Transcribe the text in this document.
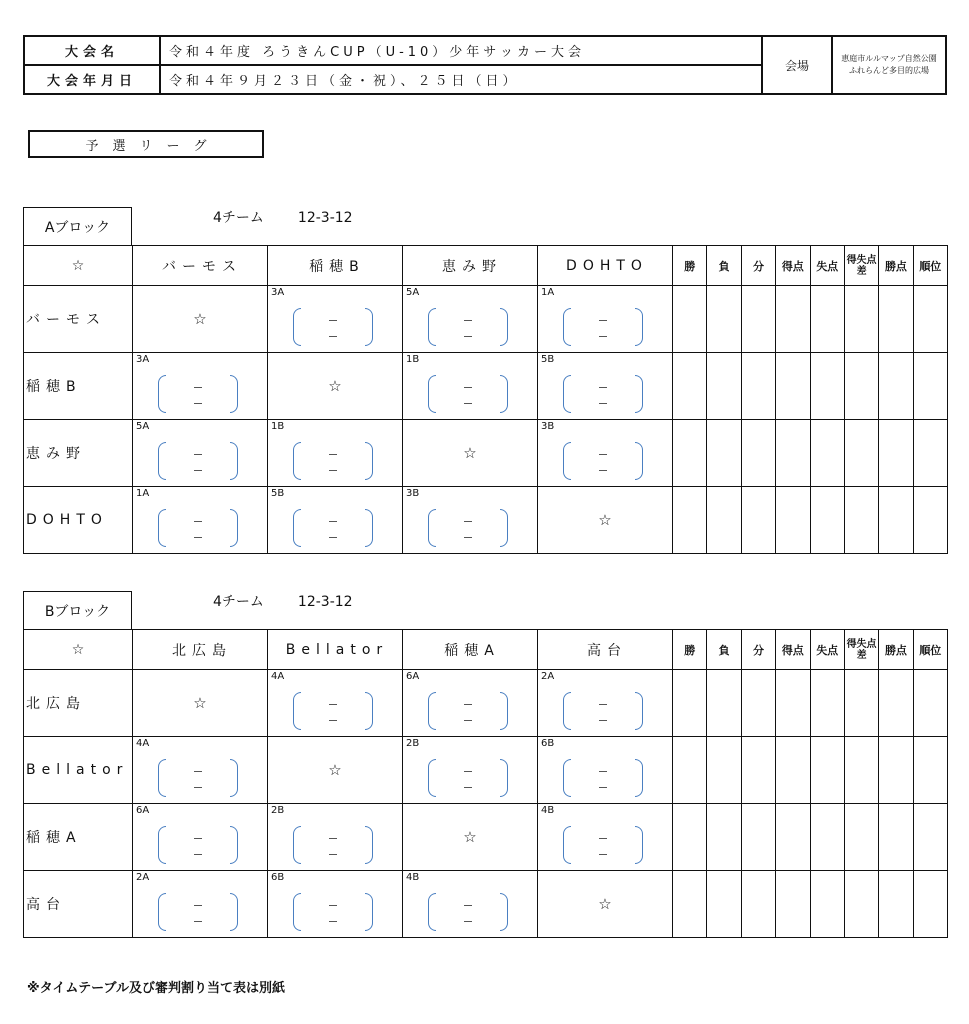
大会名	令和４年度 ろうきんCUP（U-10）少年サッカー大会	会場	恵庭市ルルマップ自然公園
ふれらんど多目的広場

大会年月日	令和４年９月２３日（金・祝）、２５日（日）		
予選リーグ
Aブロック
4チーム 12-3-12
☆	バーモス	稲穂B	恵み野	DOHTO	勝	負	分	得点	失点	得失点差	勝点	順位
バーモス	☆	3A	5A	1A								

稲穂B	3A	☆	1B	5B								

恵み野	5A	1B	☆	3B								

DOHTO	1A	5B	3B	☆								
Bブロック
4チーム 12-3-12
☆	北広島	Bellator	稲穂A	高台	勝	負	分	得点	失点	得失点差	勝点	順位
北広島	☆	4A	6A	2A								

Bellator	4A	☆	2B	6B								

稲穂A	6A	2B	☆	4B								

高台	2A	6B	4B	☆								
※タイムテーブル及び審判割り当て表は別紙
